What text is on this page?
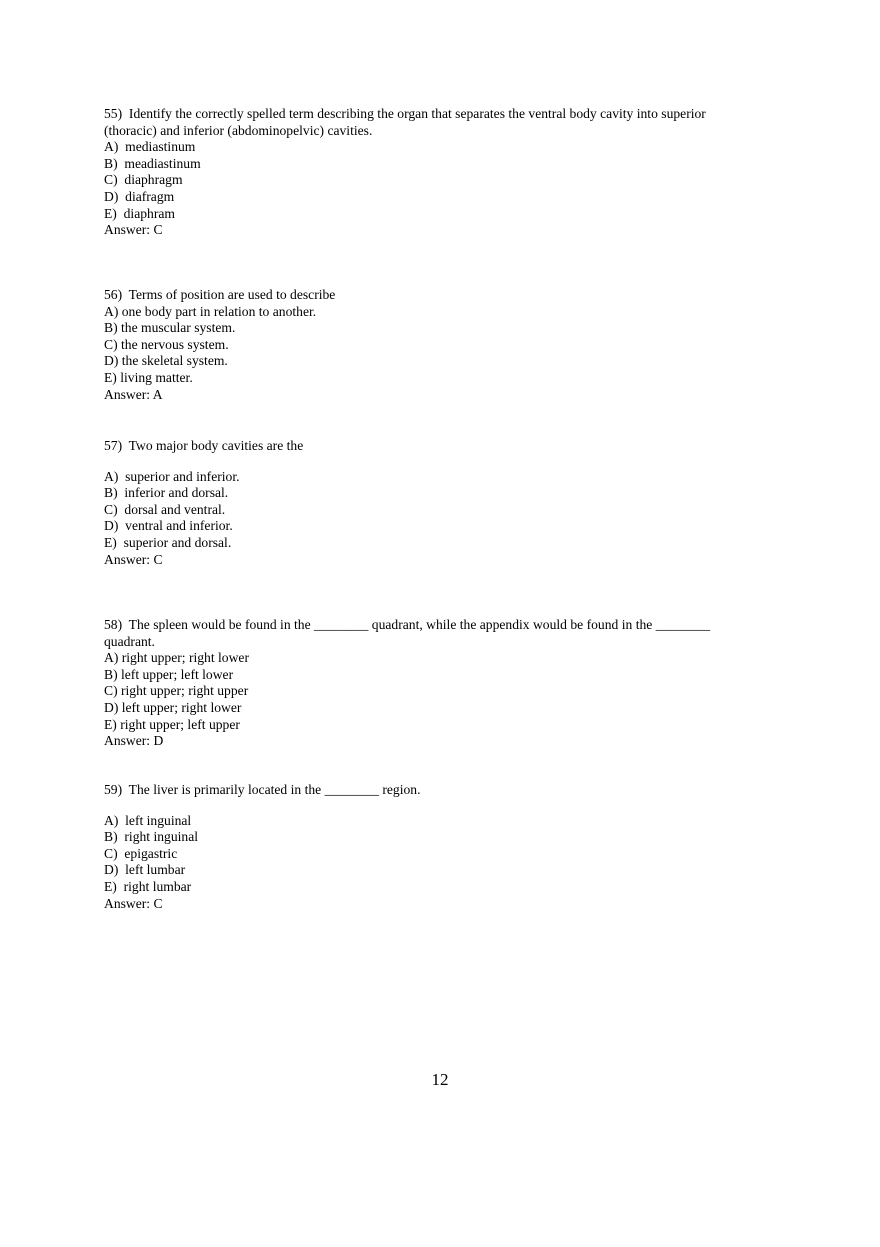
55)  Identify the correctly spelled term describing the organ that separates the ventral body cavity into superior
(thoracic) and inferior (abdominopelvic) cavities.
A)  mediastinum
B)  meadiastinum
C)  diaphragm
D)  diafragm
E)  diaphram
Answer: C
56)  Terms of position are used to describe
A) one body part in relation to another.
B) the muscular system.
C) the nervous system.
D) the skeletal system.
E) living matter.
Answer: A
57)  Two major body cavities are the
A)  superior and inferior.
B)  inferior and dorsal.
C)  dorsal and ventral.
D)  ventral and inferior.
E)  superior and dorsal.
Answer: C
58)  The spleen would be found in the ________ quadrant, while the appendix would be found in the ________
quadrant.
A) right upper; right lower
B) left upper; left lower
C) right upper; right upper
D) left upper; right lower
E) right upper; left upper
Answer: D
59)  The liver is primarily located in the ________ region.
A)  left inguinal
B)  right inguinal
C)  epigastric
D)  left lumbar
E)  right lumbar
Answer: C
12
